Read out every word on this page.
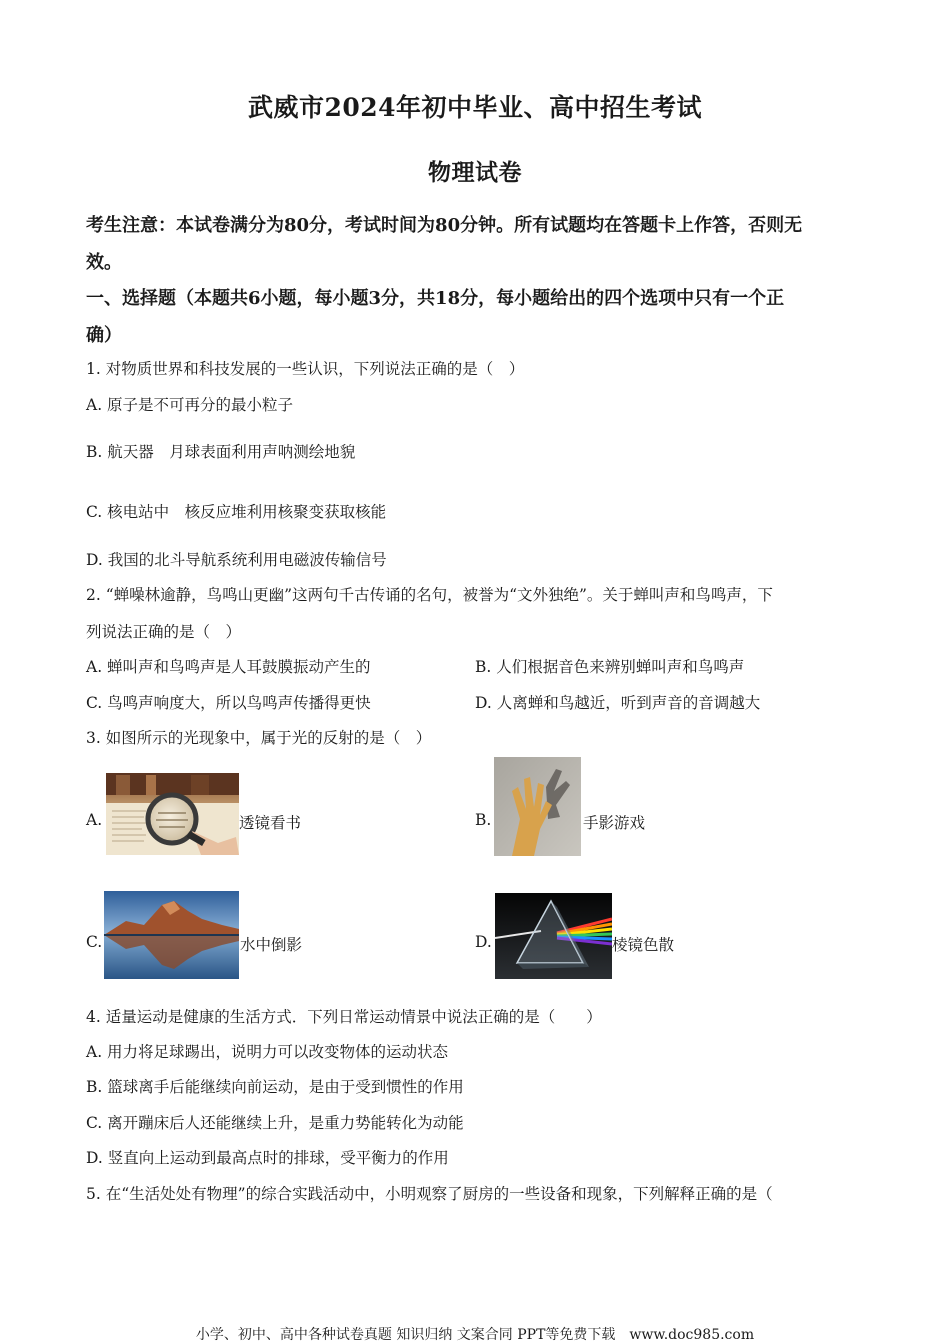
武威市2024年初中毕业、高中招生考试
物理试卷
考生注意：本试卷满分为80分，考试时间为80分钟。所有试题均在答题卡上作答，否则无
效。
一、选择题（本题共6小题，每小题3分，共18分，每小题给出的四个选项中只有一个正
确）
1. 对物质世界和科技发展的一些认识，下列说法正确的是（　）
A. 原子是不可再分的最小粒子
B. 航天器　月球表面利用声呐测绘地貌
C. 核电站中　核反应堆利用核聚变获取核能
D. 我国的北斗导航系统利用电磁波传输信号
2. “蝉噪林逾静，鸟鸣山更幽”这两句千古传诵的名句，被誉为“文外独绝”。关于蝉叫声和鸟鸣声，下
列说法正确的是（　）
A. 蝉叫声和鸟鸣声是人耳鼓膜振动产生的	B. 人们根据音色来辨别蝉叫声和鸟鸣声
C. 鸟鸣声响度大，所以鸟鸣声传播得更快	D. 人离蝉和鸟越近，听到声音的音调越大
3. 如图所示的光现象中，属于光的反射的是（　）
A.	透镜看书	B.	手影游戏
C.	水中倒影	D.	棱镜色散
4. 适量运动是健康的生活方式．下列日常运动情景中说法正确的是（　　）
A. 用力将足球踢出，说明力可以改变物体的运动状态
B. 篮球离手后能继续向前运动，是由于受到惯性的作用
C. 离开蹦床后人还能继续上升，是重力势能转化为动能
D. 竖直向上运动到最高点时的排球，受平衡力的作用
5. 在“生活处处有物理”的综合实践活动中，小明观察了厨房的一些设备和现象，下列解释正确的是（
小学、初中、高中各种试卷真题 知识归纳 文案合同 PPT等免费下载　www.doc985.com
